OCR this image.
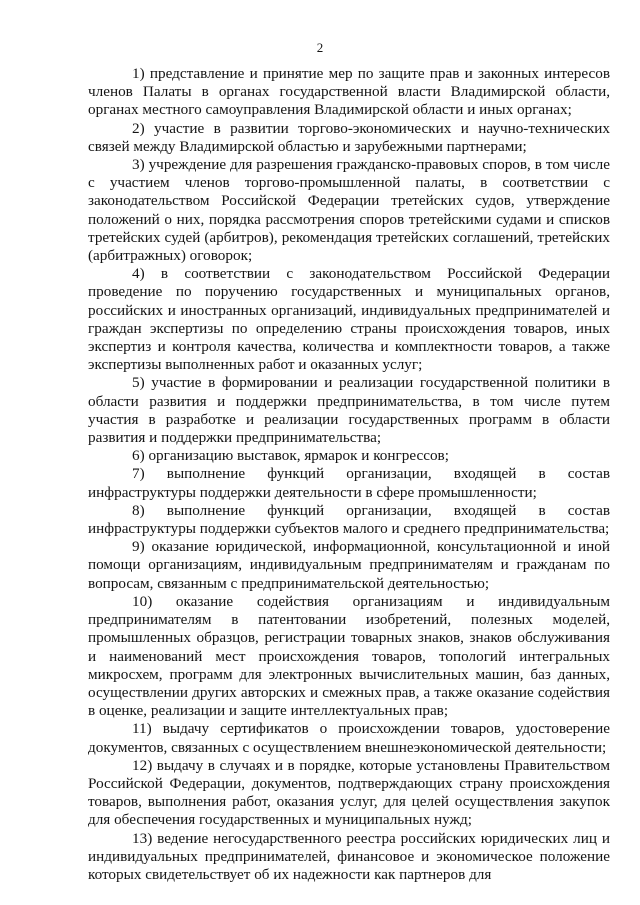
2

1) представление и принятие мер по защите прав и законных интересов членов Палаты в органах государственной власти Владимирской области, органах местного самоуправления Владимирской области и иных органах;

2) участие в развитии торгово-экономических и научно-технических связей между Владимирской областью и зарубежными партнерами;

3) учреждение для разрешения гражданско-правовых споров, в том числе с участием членов торгово-промышленной палаты, в соответствии с законодательством Российской Федерации третейских судов, утверждение положений о них, порядка рассмотрения споров третейскими судами и списков третейских судей (арбитров), рекомендация третейских соглашений, третейских (арбитражных) оговорок;

4) в соответствии с законодательством Российской Федерации проведение по поручению государственных и муниципальных органов, российских и иностранных организаций, индивидуальных предпринимателей и граждан экспертизы по определению страны происхождения товаров, иных экспертиз и контроля качества, количества и комплектности товаров, а также экспертизы выполненных работ и оказанных услуг;

5) участие в формировании и реализации государственной политики в области развития и поддержки предпринимательства, в том числе путем участия в разработке и реализации государственных программ в области развития и поддержки предпринимательства;

6) организацию выставок, ярмарок и конгрессов;

7) выполнение функций организации, входящей в состав инфраструктуры поддержки деятельности в сфере промышленности;

8) выполнение функций организации, входящей в состав инфраструктуры поддержки субъектов малого и среднего предпринимательства;

9) оказание юридической, информационной, консультационной и иной помощи организациям, индивидуальным предпринимателям и гражданам по вопросам, связанным с предпринимательской деятельностью;

10) оказание содействия организациям и индивидуальным предпринимателям в патентовании изобретений, полезных моделей, промышленных образцов, регистрации товарных знаков, знаков обслуживания и наименований мест происхождения товаров, топологий интегральных микросхем, программ для электронных вычислительных машин, баз данных, осуществлении других авторских и смежных прав, а также оказание содействия в оценке, реализации и защите интеллектуальных прав;

11) выдачу сертификатов о происхождении товаров, удостоверение документов, связанных с осуществлением внешнеэкономической деятельности;

12) выдачу в случаях и в порядке, которые установлены Правительством Российской Федерации, документов, подтверждающих страну происхождения товаров, выполнения работ, оказания услуг, для целей осуществления закупок для обеспечения государственных и муниципальных нужд;

13) ведение негосударственного реестра российских юридических лиц и индивидуальных предпринимателей, финансовое и экономическое положение которых свидетельствует об их надежности как партнеров для
